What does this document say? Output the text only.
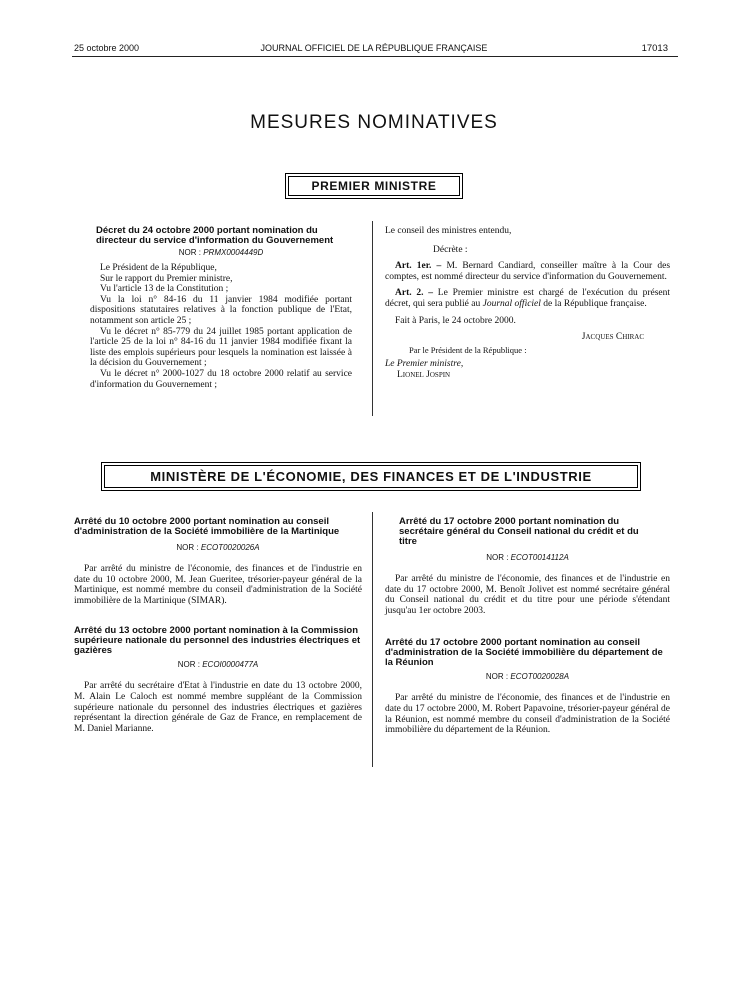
25 octobre 2000	JOURNAL OFFICIEL DE LA RÉPUBLIQUE FRANÇAISE	17013
MESURES NOMINATIVES
PREMIER MINISTRE
Décret du 24 octobre 2000 portant nomination du directeur du service d'information du Gouvernement
NOR : PRMX0004449D

Le Président de la République,

Sur le rapport du Premier ministre,

Vu l'article 13 de la Constitution ;

Vu la loi n° 84-16 du 11 janvier 1984 modifiée portant dispositions statutaires relatives à la fonction publique de l'Etat, notamment son article 25 ;

Vu le décret n° 85-779 du 24 juillet 1985 portant application de l'article 25 de la loi n° 84-16 du 11 janvier 1984 modifiée fixant la liste des emplois supérieurs pour lesquels la nomination est laissée à la décision du Gouvernement ;

Vu le décret n° 2000-1027 du 18 octobre 2000 relatif au service d'information du Gouvernement ;

Le conseil des ministres entendu,

Décrète :

Art. 1er. – M. Bernard Candiard, conseiller maître à la Cour des comptes, est nommé directeur du service d'information du Gouvernement.

Art. 2. – Le Premier ministre est chargé de l'exécution du présent décret, qui sera publié au Journal officiel de la République française.

Fait à Paris, le 24 octobre 2000.

Jacques Chirac

Par le Président de la République :

Le Premier ministre,

Lionel Jospin

MINISTÈRE DE L'ÉCONOMIE, DES FINANCES ET DE L'INDUSTRIE
Arrêté du 10 octobre 2000 portant nomination au conseil d'administration de la Société immobilière de la Martinique
NOR : ECOT0020026A

Par arrêté du ministre de l'économie, des finances et de l'industrie en date du 10 octobre 2000, M. Jean Gueritee, trésorier-payeur général de la Martinique, est nommé membre du conseil d'administration de la Société immobilière de la Martinique (SIMAR).

Arrêté du 13 octobre 2000 portant nomination à la Commission supérieure nationale du personnel des industries électriques et gazières
NOR : ECOI0000477A

Par arrêté du secrétaire d'Etat à l'industrie en date du 13 octobre 2000, M. Alain Le Caloch est nommé membre suppléant de la Commission supérieure nationale du personnel des industries électriques et gazières représentant la direction générale de Gaz de France, en remplacement de M. Daniel Marianne.

Arrêté du 17 octobre 2000 portant nomination du secrétaire général du Conseil national du crédit et du titre
NOR : ECOT0014112A

Par arrêté du ministre de l'économie, des finances et de l'industrie en date du 17 octobre 2000, M. Benoît Jolivet est nommé secrétaire général du Conseil national du crédit et du titre pour une période s'étendant jusqu'au 1er octobre 2003.

Arrêté du 17 octobre 2000 portant nomination au conseil d'administration de la Société immobilière du département de la Réunion
NOR : ECOT0020028A

Par arrêté du ministre de l'économie, des finances et de l'industrie en date du 17 octobre 2000, M. Robert Papavoine, trésorier-payeur général de la Réunion, est nommé membre du conseil d'administration de la Société immobilière du département de la Réunion.
